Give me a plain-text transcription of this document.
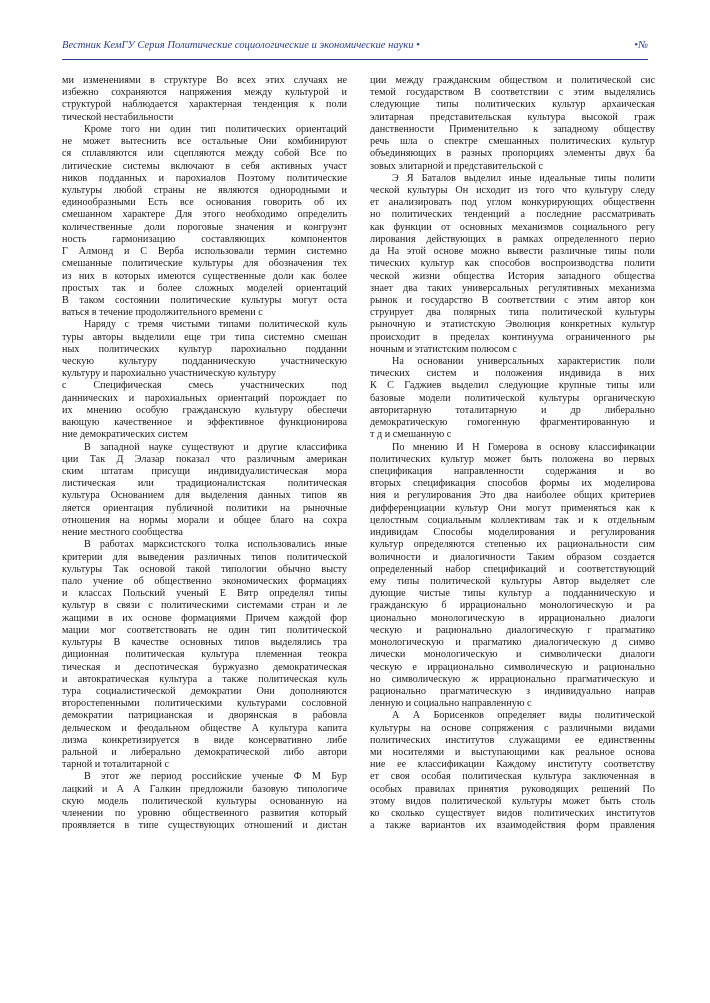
Вестник КемГУ Серия Политические социологические и экономические науки •	•№
ми изменениями в структуре Во всех этих случаях не
избежно сохраняются напряжения между культурой и
структурой наблюдается характерная тенденция к поли
тической нестабильности
Кроме того ни один тип политических ориентаций
не может вытеснить все остальные Они комбинируют
ся сплавляются или сцепляются между собой Все по
литические системы включают в себя активных участ
ников подданных и парохиалов Поэтому политические
культуры любой страны не являются однородными и
единообразными Есть все основания говорить об их
смешанном характере Для этого необходимо определить
количественные доли пороговые значения и конгруэнт
ность гармонизацию составляющих компонентов
Г Алмонд и С Верба использовали термин системно
смешанные политические культуры для обозначения тех
из них в которых имеются существенные доли как более
простых так и более сложных моделей ориентаций
В таком состоянии политические культуры могут оста
ваться в течение продолжительного времени с
Наряду с тремя чистыми типами политической куль
туры авторы выделили еще три типа системно смешан
ных политических культур парохиально подданни
ческую культуру подданническую участническую
культуру и парохиально участническую культуру
с Специфическая смесь участнических под
даннических и парохиальных ориентаций порождает по
их мнению особую гражданскую культуру обеспечи
вающую качественное и эффективное функционирова
ние демократических систем
В западной науке существуют и другие классифика
ции Так Д Элазар показал что различным американ
ским штатам присущи индивидуалистическая мора
листическая или традиционалистская политическая
культура Основанием для выделения данных типов яв
ляется ориентация публичной политики на рыночные
отношения на нормы морали и общее благо на сохра
нение местного сообщества
В работах марксистского толка использовались иные
критерии для выведения различных типов политической
культуры Так основой такой типологии обычно высту
пало учение об общественно экономических формациях
и классах Польский ученый Е Вятр определял типы
культур в связи с политическими системами стран и ле
жащими в их основе формациями Причем каждой фор
мации мог соответствовать не один тип политической
культуры В качестве основных типов выделялись тра
диционная политическая культура племенная теокра
тическая и деспотическая буржуазно демократическая
и автократическая культура а также политическая куль
тура социалистической демократии Они дополняются
второстепенными политическими культурами сословной
демократии патрицианская и дворянская в рабовла
дельческом и феодальном обществе А культура капита
лизма конкретизируется в виде консервативно либе
ральной и либерально демократической либо автори
тарной и тоталитарной с
В этот же период российские ученые Ф М Бур
лацкий и А А Галкин предложили базовую типологиче
скую модель политической культуры основанную на
членении по уровню общественного развития который
проявляется в типе существующих отношений и дистан
ции между гражданским обществом и политической сис
темой государством В соответствии с этим выделялись
следующие типы политических культур архаическая
элитарная представительская культура высокой граж
данственности Применительно к западному обществу
речь шла о спектре смешанных политических культур
объединяющих в разных пропорциях элементы двух ба
зовых элитарной и представительской с
Э Я Баталов выделил иные идеальные типы полити
ческой культуры Он исходит из того что культуру следу
ет анализировать под углом конкурирующих общественн
но политических тенденций а последние рассматривать
как функции от основных механизмов социального регу
лирования действующих в рамках определенного перио
да На этой основе можно вывести различные типы поли
тических культур как способов воспроизводства полити
ческой жизни общества История западного общества
знает два таких универсальных регулятивных механизма
рынок и государство В соответствии с этим автор кон
струирует два полярных типа политической культуры
рыночную и этатистскую Эволюция конкретных культур
происходит в пределах континуума ограниченного ры
ночным и этатистским полюсом с
На основании универсальных характеристик поли
тических систем и положения индивида в них
К С Гаджиев выделил следующие крупные типы или
базовые модели политической культуры органическую
авторитарную тоталитарную и др либерально
демократическую гомогенную фрагментированную и
т д и смешанную с
По мнению И Н Гомерова в основу классификации
политических культур может быть положена во первых
спецификация направленности содержания и во
вторых спецификация способов формы их моделирова
ния и регулирования Это два наиболее общих критериев
дифференциации культур Они могут применяться как к
целостным социальным коллективам так и к отдельным
индивидам Способы моделирования и регулирования
культур определяются степенью их рациональности сим
воличности и диалогичности Таким образом создается
определенный набор спецификаций и соответствующий
ему типы политической культуры Автор выделяет сле
дующие чистые типы культур а подданническую и
гражданскую б иррационально монологическую и ра
ционально монологическую в иррационально диалоги
ческую и рационально диалогическую г прагматико
монологическую и прагматико диалогическую д симво
лически монологическую и символически диалоги
ческую е иррационально символическую и рационально
но символическую ж иррационально прагматическую и
рационально прагматическую з индивидуально направ
ленную и социально направленную с
А А Борисенков определяет виды политической
культуры на основе сопряжения с различными видами
политических институтов служащими ее единственны
ми носителями и выступающими как реальное основа
ние ее классификации Каждому институту соответству
ет своя особая политическая культура заключенная в
особых правилах принятия руководящих решений По
этому видов политической культуры может быть столь
ко сколько существует видов политических институтов
а также вариантов их взаимодействия форм правления
